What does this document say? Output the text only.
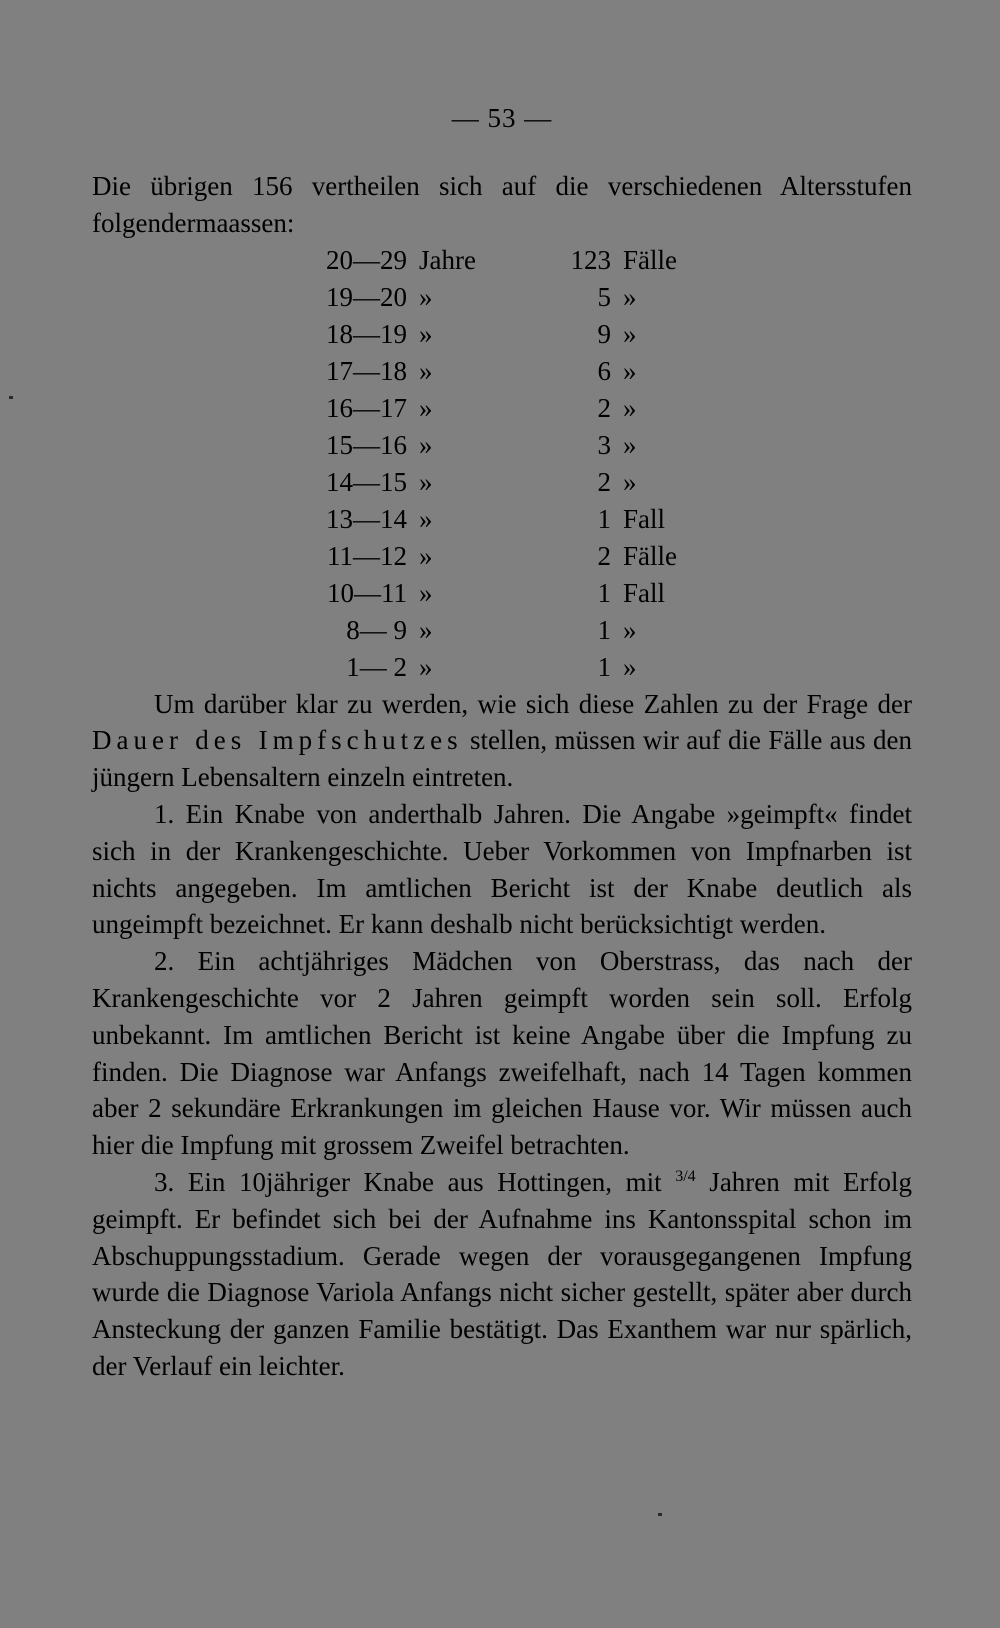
— 53 —

Die übrigen 156 vertheilen sich auf die verschiedenen Altersstufen folgendermaassen:

20—29	Jahre	123	Fälle
19—20	»	5	»
18—19	»	9	»
17—18	»	6	»
16—17	»	2	»
15—16	»	3	»
14—15	»	2	»
13—14	»	1	Fall
11—12	»	2	Fälle
10—11	»	1	Fall
8— 9	»	1	»
1— 2	»	1	»

Um darüber klar zu werden, wie sich diese Zahlen zu der Frage der Dauer des Impfschutzes stellen, müssen wir auf die Fälle aus den jüngern Lebensaltern einzeln eintreten.

1. Ein Knabe von anderthalb Jahren. Die Angabe »geimpft« findet sich in der Krankengeschichte. Ueber Vorkommen von Impfnarben ist nichts angegeben. Im amtlichen Bericht ist der Knabe deutlich als ungeimpft bezeichnet. Er kann deshalb nicht berücksichtigt werden.

2. Ein achtjähriges Mädchen von Oberstrass, das nach der Krankengeschichte vor 2 Jahren geimpft worden sein soll. Erfolg unbekannt. Im amtlichen Bericht ist keine Angabe über die Impfung zu finden. Die Diagnose war Anfangs zweifelhaft, nach 14 Tagen kommen aber 2 sekundäre Erkrankungen im gleichen Hause vor. Wir müssen auch hier die Impfung mit grossem Zweifel betrachten.

3. Ein 10jähriger Knabe aus Hottingen, mit $^{3/4}$ Jahren mit Erfolg geimpft. Er befindet sich bei der Aufnahme ins Kantonsspital schon im Abschuppungsstadium. Gerade wegen der vorausgegangenen Impfung wurde die Diagnose Variola Anfangs nicht sicher gestellt, später aber durch Ansteckung der ganzen Familie bestätigt. Das Exanthem war nur spärlich, der Verlauf ein leichter.
